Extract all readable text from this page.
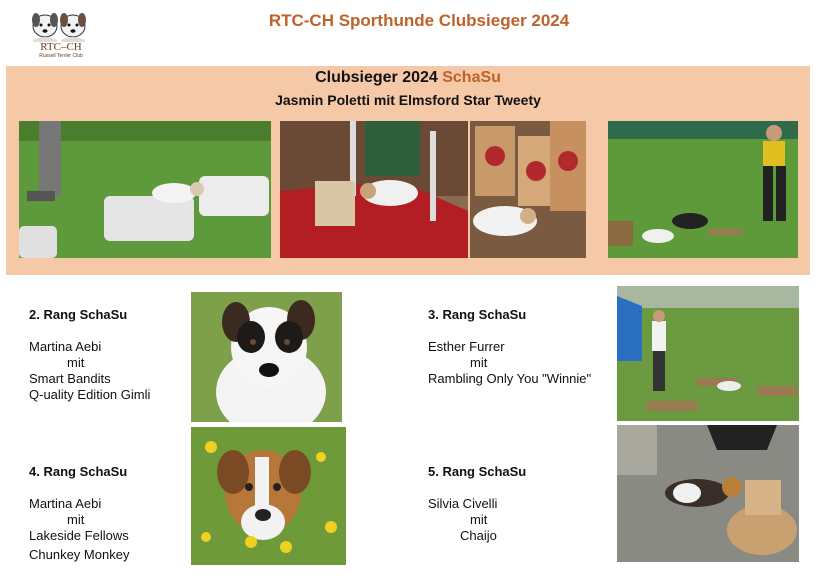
RTC–CH
Russell Terrier Club
RTC-CH Sporthunde Clubsieger 2024
Clubsieger 2024 SchaSu
Jasmin Poletti mit Elmsford Star Tweety
2. Rang SchaSu
Martina Aebi
mit
Smart Bandits
Q-uality Edition Gimli
3. Rang SchaSu
Esther Furrer
mit
Rambling Only You "Winnie"
4. Rang SchaSu
Martina Aebi
mit
Lakeside Fellows
Chunkey Monkey
5. Rang SchaSu
Silvia Civelli
mit
Chaijo
